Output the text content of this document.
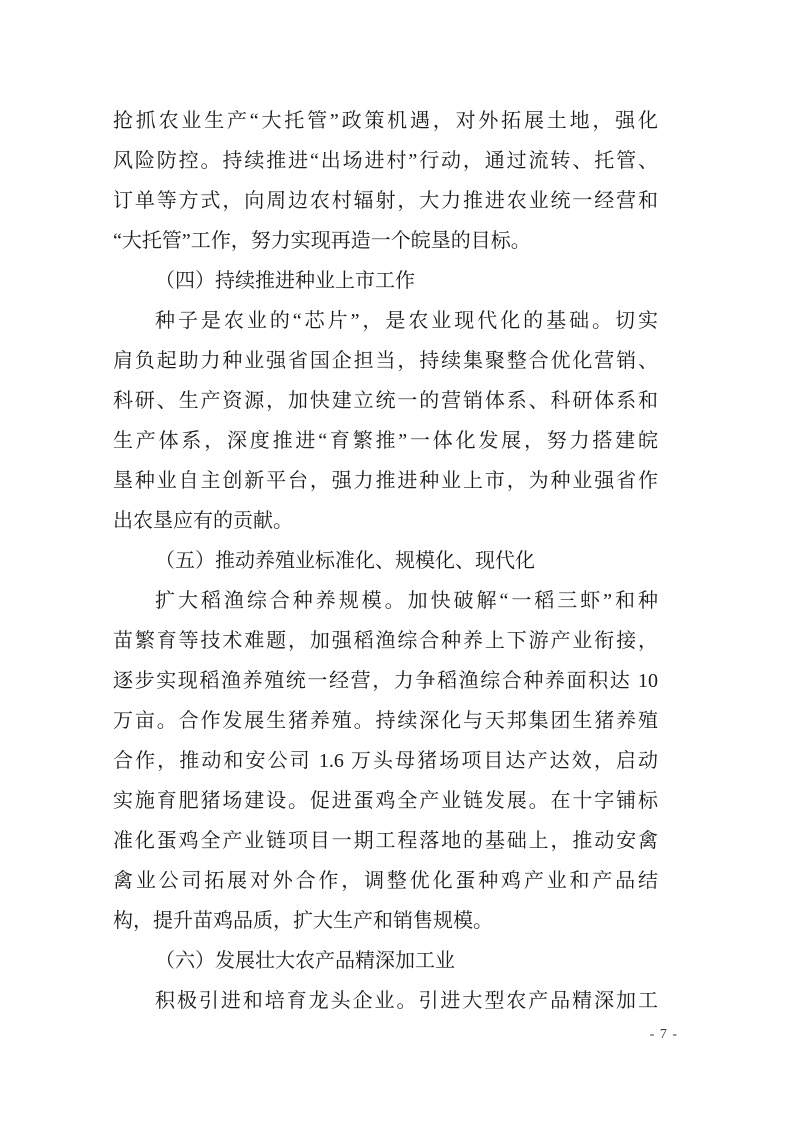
抢抓农业生产“大托管”政策机遇，对外拓展土地，强化
风险防控。持续推进“出场进村”行动，通过流转、托管、
订单等方式，向周边农村辐射，大力推进农业统一经营和
“大托管”工作，努力实现再造一个皖垦的目标。
（四）持续推进种业上市工作
种子是农业的“芯片”，是农业现代化的基础。切实
肩负起助力种业强省国企担当，持续集聚整合优化营销、
科研、生产资源，加快建立统一的营销体系、科研体系和
生产体系，深度推进“育繁推”一体化发展，努力搭建皖
垦种业自主创新平台，强力推进种业上市，为种业强省作
出农垦应有的贡献。
（五）推动养殖业标准化、规模化、现代化
扩大稻渔综合种养规模。加快破解“一稻三虾”和种
苗繁育等技术难题，加强稻渔综合种养上下游产业衔接，
逐步实现稻渔养殖统一经营，力争稻渔综合种养面积达 10
万亩。合作发展生猪养殖。持续深化与天邦集团生猪养殖
合作，推动和安公司 1.6 万头母猪场项目达产达效，启动
实施育肥猪场建设。促进蛋鸡全产业链发展。在十字铺标
准化蛋鸡全产业链项目一期工程落地的基础上，推动安禽
禽业公司拓展对外合作，调整优化蛋种鸡产业和产品结
构，提升苗鸡品质，扩大生产和销售规模。
（六）发展壮大农产品精深加工业
积极引进和培育龙头企业。引进大型农产品精深加工
- 7 -
